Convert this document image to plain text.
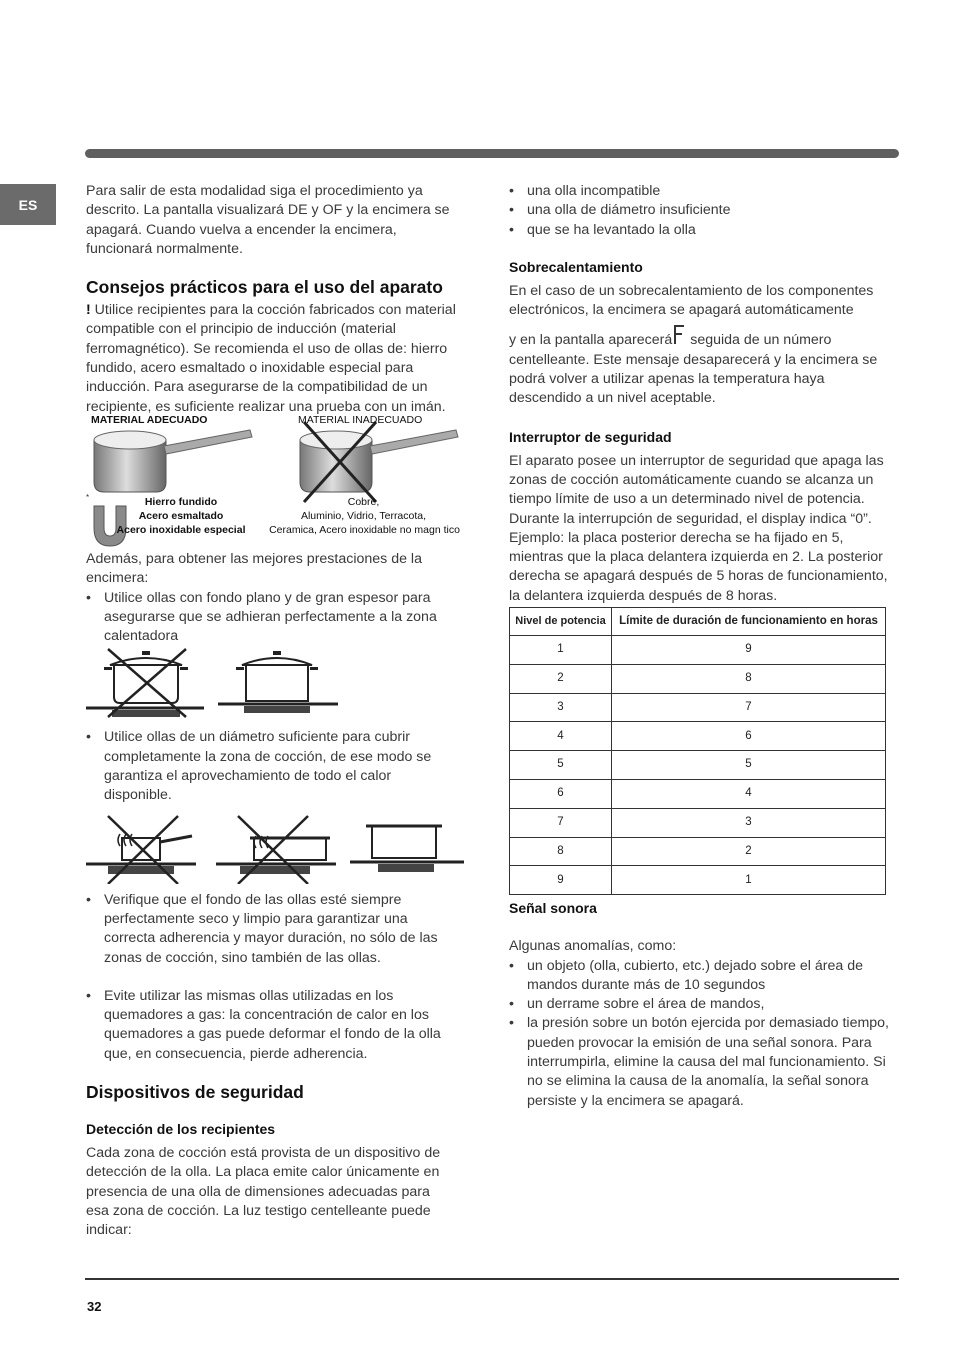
ES

Para salir de esta modalidad siga el procedimiento ya descrito. La pantalla visualizará DE y OF y la encimera se apagará. Cuando vuelva a encender la encimera, funcionará normalmente.

Consejos prácticos para el uso del aparato

! Utilice recipientes para la cocción fabricados con material compatible con el principio de inducción (material ferromagnético). Se recomienda el uso de ollas de: hierro fundido, acero esmaltado o inoxidable especial para inducción. Para asegurarse de la compatibilidad de un recipiente, es suficiente realizar una prueba con un imán.

MATERIAL ADECUADO	MATERIAL INADECUADO
*	Hierro fundido
Acero esmaltado
Acero inoxidable especial
Cobre,
Aluminio, Vidrio, Terracota,
Ceramica, Acero inoxidable no magn tico

Además, para obtener las mejores prestaciones de la encimera:

• Utilice ollas con fondo plano y de gran espesor para asegurarse que se adhieran perfectamente a la zona calentadora
• Utilice ollas de un diámetro suficiente para cubrir completamente la zona de cocción, de ese modo se garantiza el aprovechamiento de todo el calor disponible.
• Verifique que el fondo de las ollas esté siempre perfectamente seco y limpio para garantizar una correcta adherencia y mayor duración, no sólo de las zonas de cocción, sino también de las ollas.
• Evite utilizar las mismas ollas utilizadas en los quemadores a gas: la concentración de calor en los quemadores a gas puede deformar el fondo de la olla que, en consecuencia, pierde adherencia.
Dispositivos de seguridad
Detección de los recipientes

Cada zona de cocción está provista de un dispositivo de detección de la olla. La placa emite calor únicamente en presencia de una olla de dimensiones adecuadas para esa zona de cocción. La luz testigo centelleante puede indicar:

• una olla incompatible
• una olla de diámetro insuficiente
• que se ha levantado la olla
Sobrecalentamiento

En el caso de un sobrecalentamiento de los componentes electrónicos, la encimera se apagará automáticamente

y en la pantalla aparecerá seguida de un número centelleante. Este mensaje desaparecerá y la encimera se podrá volver a utilizar apenas la temperatura haya descendido a un nivel aceptable.

Interruptor de seguridad

El aparato posee un interruptor de seguridad que apaga las zonas de cocción automáticamente cuando se alcanza un tiempo límite de uso a un determinado nivel de potencia. Durante la interrupción de seguridad, el display indica “0”.

Ejemplo: la placa posterior derecha se ha fijado en 5, mientras que la placa delantera izquierda en 2. La posterior derecha se apagará después de 5 horas de funcionamiento, la delantera izquierda después de 8 horas.

Nivel de potencia	Límite de duración de funcionamiento en horas
1	9
2	8
3	7
4	6
5	5
6	4
7	3
8	2
9	1
Señal sonora

Algunas anomalías, como:

• un objeto (olla, cubierto, etc.) dejado sobre el área de mandos durante más de 10 segundos
• un derrame sobre el área de mandos,
• la presión sobre un botón ejercida por demasiado tiempo, pueden provocar la emisión de una señal sonora. Para interrumpirla, elimine la causa del mal funcionamiento. Si no se elimina la causa de la anomalía, la señal sonora persiste y la encimera se apagará.
32
